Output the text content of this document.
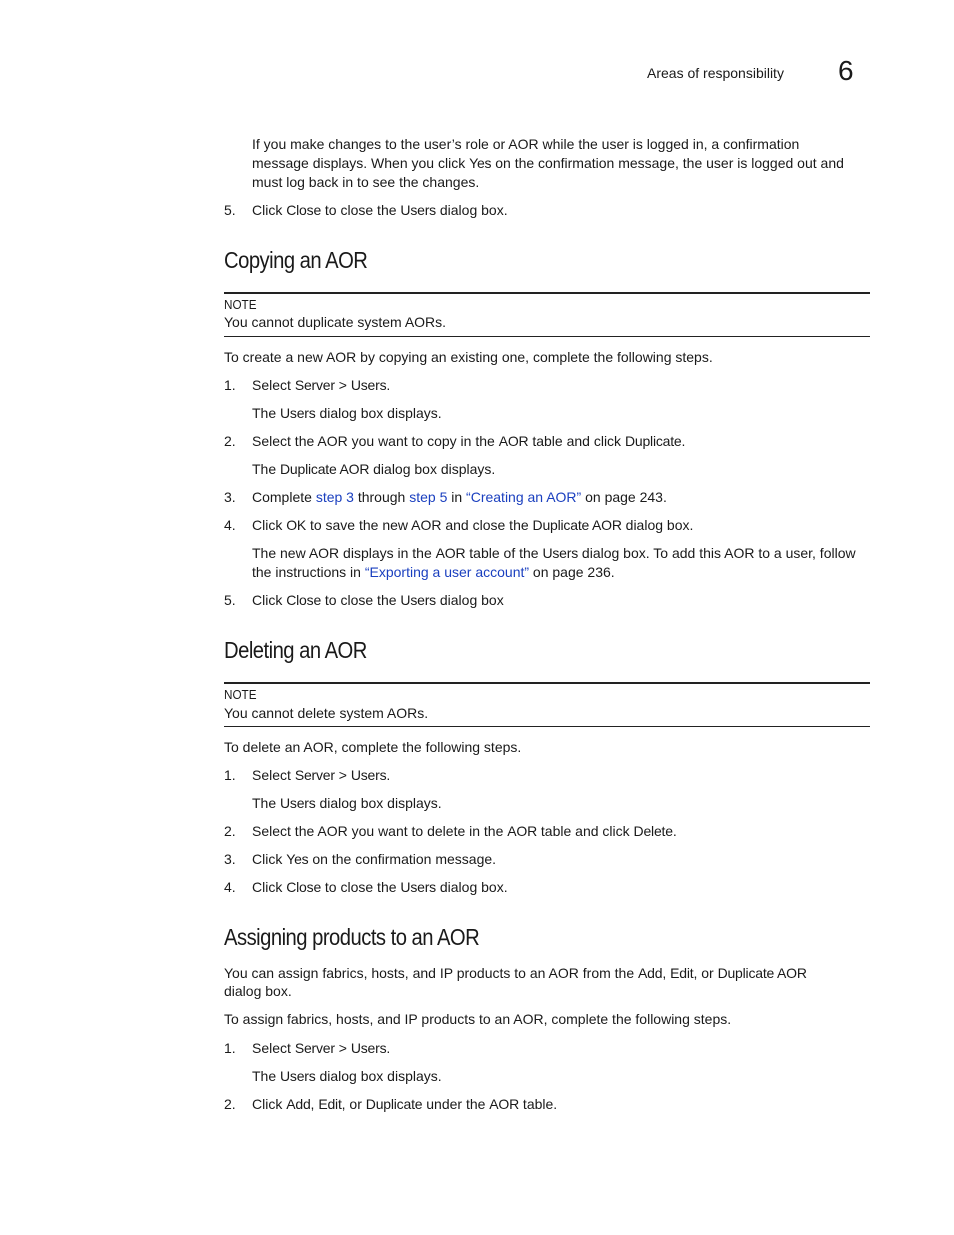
Areas of responsibility 6

If you make changes to the user’s role or AOR while the user is logged in, a confirmation

message displays. When you click Yes on the confirmation message, the user is logged out and

must log back in to see the changes.

5. Click Close to close the Users dialog box.

Copying an AOR
NOTE

You cannot duplicate system AORs.

To create a new AOR by copying an existing one, complete the following steps.

1. Select Server > Users.

The Users dialog box displays.

2. Select the AOR you want to copy in the AOR table and click Duplicate.

The Duplicate AOR dialog box displays.

3. Complete step 3 through step 5 in “Creating an AOR” on page 243.

4. Click OK to save the new AOR and close the Duplicate AOR dialog box.

The new AOR displays in the AOR table of the Users dialog box. To add this AOR to a user, follow

the instructions in “Exporting a user account” on page 236.

5. Click Close to close the Users dialog box

Deleting an AOR
NOTE

You cannot delete system AORs.

To delete an AOR, complete the following steps.

1. Select Server > Users.

The Users dialog box displays.

2. Select the AOR you want to delete in the AOR table and click Delete.

3. Click Yes on the confirmation message.

4. Click Close to close the Users dialog box.

Assigning products to an AOR

You can assign fabrics, hosts, and IP products to an AOR from the Add, Edit, or Duplicate AOR

dialog box.

To assign fabrics, hosts, and IP products to an AOR, complete the following steps.

1. Select Server > Users.

The Users dialog box displays.

2. Click Add, Edit, or Duplicate under the AOR table.
